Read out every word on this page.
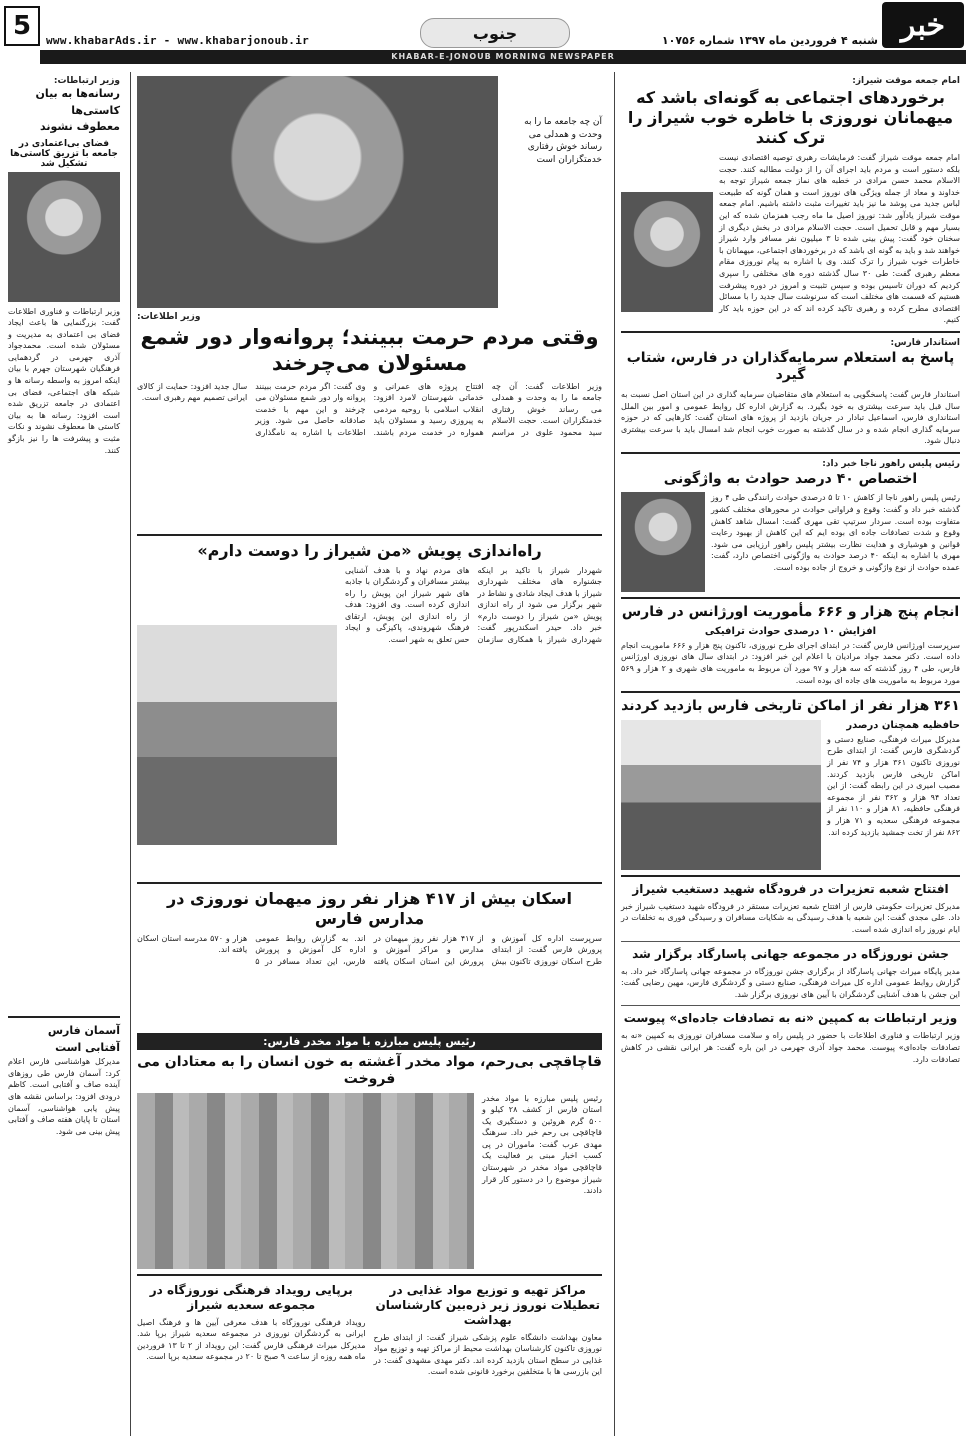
5	www.khabarAds.ir - www.khabarjonoub.ir	جنوب	شنبه ۴ فروردین ماه ۱۳۹۷ شماره ۱۰۷۵۶ خبر
KHABAR-E-JONOUB MORNING NEWSPAPER
امام جمعه موقت شیراز:
برخوردهای اجتماعی به گونه‌ای باشد که میهمانان نوروزی با خاطره خوب شیراز را ترک کنند
امام جمعه موقت شیراز گفت: فرمایشات رهبری توصیه اقتصادی نیست بلکه دستور است و مردم باید اجرای آن را از دولت مطالبه کنند. حجت الاسلام محمد حسن مرادی در خطبه های نماز جمعه شیراز توجه به خداوند و معاد از جمله ویژگی های نوروز است و همان گونه که طبیعت لباس جدید می پوشد ما نیز باید تغییرات مثبت داشته باشیم. امام جمعه موقت شیراز یادآور شد: نوروز اصیل ما ماه رجب همزمان شده که این بسیار مهم و قابل تحمیل است. حجت الاسلام مرادی در بخش دیگری از سخنان خود گفت: پیش بینی شده تا ۳ میلیون نفر مسافر وارد شیراز خواهند شد و باید به گونه ای باشد که در برخوردهای اجتماعی، میهمانان با خاطرات خوب شیراز را ترک کنند. وی با اشاره به پیام نوروزی مقام معظم رهبری گفت: طی ۳۰ سال گذشته دوره های مختلفی را سپری کردیم که دوران تاسیس بوده و سپس تثبیت و امروز در دوره پیشرفت هستیم که قسمت های مختلف است که سرنوشت سال جدید را با مسائل اقتصادی مطرح کرده و رهبری تاکید کرده اند که در این حوزه باید کار کنیم.
استاندار فارس:
پاسخ به استعلام سرمایه‌گذاران در فارس، شتاب گیرد
استاندار فارس گفت: پاسخگویی به استعلام های متقاضیان سرمایه گذاری در این استان اصل نسبت به سال قبل باید سرعت بیشتری به خود بگیرد. به گزارش اداره کل روابط عمومی و امور بین الملل استانداری فارس، اسماعیل تبادار در جریان بازدید از پروژه های استان گفت: کارهایی که در حوزه سرمایه گذاری انجام شده و در سال گذشته به صورت خوب انجام شد امسال باید با سرعت بیشتری دنبال شود.
رئیس پلیس راهور ناجا خبر داد:
اختصاص ۴۰ درصد حوادث به واژگونی
رئیس پلیس راهور ناجا از کاهش ۱۰ تا ۵ درصدی حوادث رانندگی طی ۴ روز گذشته خبر داد و گفت: وقوع و فراوانی حوادث در محورهای مختلف کشور متفاوت بوده است. سردار سرتیپ تقی مهری گفت: امسال شاهد کاهش وقوع و شدت تصادفات جاده ای بوده ایم که این کاهش از بهبود رعایت قوانین و هوشیاری و هدایت نظارت بیشتر پلیس راهور ارزیابی می شود. مهری با اشاره به اینکه ۴۰ درصد حوادث به واژگونی اختصاص دارد، گفت: عمده حوادث از نوع واژگونی و خروج از جاده بوده است.
انجام پنج هزار و ۶۶۶ مأموریت اورژانس در فارس
افزایش ۱۰ درصدی حوادث ترافیکی
سرپرست اورژانس فارس گفت: در ابتدای اجرای طرح نوروزی، تاکنون پنج هزار و ۶۶۶ ماموریت انجام داده است. دکتر محمد جواد مرادیان با اعلام این خبر افزود: در ابتدای سال های نوروزی اورژانس فارس، طی ۴ روز گذشته که سه هزار و ۹۷ مورد آن مربوط به ماموریت های شهری و ۲ هزار و ۵۶۹ مورد مربوط به ماموریت های جاده ای بوده است.
۳۶۱ هزار نفر از اماکن تاریخی فارس بازدید کردند
حافظیه همچنان درصدر
مدیرکل میراث فرهنگی، صنایع دستی و گردشگری فارس گفت: از ابتدای طرح نوروزی تاکنون ۳۶۱ هزار و ۷۴ نفر از اماکن تاریخی فارس بازدید کردند. مصیب امیری در این رابطه گفت: از این تعداد ۹۴ هزار و ۳۶۲ نفر از مجموعه فرهنگی حافظیه، ۸۱ هزار و ۱۱۰ نفر از مجموعه فرهنگی سعدیه و ۷۱ هزار و ۸۶۲ نفر از تخت جمشید بازدید کرده اند.
افتتاح شعبه تعزیرات در فرودگاه شهید دستغیب شیراز
مدیرکل تعزیرات حکومتی فارس از افتتاح شعبه تعزیرات مستقر در فرودگاه شهید دستغیب شیراز خبر داد. علی مجدی گفت: این شعبه با هدف رسیدگی به شکایات مسافران و رسیدگی فوری به تخلفات در ایام نوروز راه اندازی شده است.
جشن نوروزگاه در مجموعه جهانی پاسارگاد برگزار شد
مدیر پایگاه میراث جهانی پاسارگاد از برگزاری جشن نوروزگاه در مجموعه جهانی پاسارگاد خبر داد. به گزارش روابط عمومی اداره کل میراث فرهنگی، صنایع دستی و گردشگری فارس، مهین رضایی گفت: این جشن با هدف آشنایی گردشگران با آیین های نوروزی برگزار شد.
وزیر ارتباطات به کمپین «نه به تصادفات جاده‌ای» پیوست
وزیر ارتباطات و فناوری اطلاعات با حضور در پلیس راه و سلامت مسافران نوروزی به کمپین «نه به تصادفات جاده‌ای» پیوست. محمد جواد آذری جهرمی در این باره گفت: هر ایرانی نقشی در کاهش تصادفات دارد.
آن چه جامعه ما را به وحدت و همدلی می رساند خوش رفتاری خدمتگزاران است
وزیر اطلاعات:
وقتی مردم حرمت ببینند؛ پروانه‌وار دور شمع مسئولان می‌چرخند
وزیر اطلاعات گفت: آن چه جامعه ما را به وحدت و همدلی می رساند خوش رفتاری خدمتگزاران است. حجت الاسلام سید محمود علوی در مراسم افتتاح پروژه های عمرانی و خدماتی شهرستان لامرد افزود: انقلاب اسلامی با روحیه مردمی به پیروزی رسید و مسئولان باید همواره در خدمت مردم باشند. وی گفت: اگر مردم حرمت ببینند پروانه وار دور شمع مسئولان می چرخند و این مهم با خدمت صادقانه حاصل می شود. وزیر اطلاعات با اشاره به نامگذاری سال جدید افزود: حمایت از کالای ایرانی تصمیم مهم رهبری است.
راه‌اندازی پویش «من شیراز را دوست دارم»
شهردار شیراز با تاکید بر اینکه جشنواره های مختلف شهرداری شیراز با هدف ایجاد شادی و نشاط در شهر برگزار می شود از راه اندازی پویش «من شیراز را دوست دارم» خبر داد. حیدر اسکندرپور گفت: شهرداری شیراز با همکاری سازمان های مردم نهاد و با هدف آشنایی بیشتر مسافران و گردشگران با جاذبه های شهر شیراز این پویش را راه اندازی کرده است. وی افزود: هدف از راه اندازی این پویش، ارتقای فرهنگ شهروندی، پاکیزگی و ایجاد حس تعلق به شهر است.
اسکان بیش از ۴۱۷ هزار نفر روز میهمان نوروزی در مدارس فارس
سرپرست اداره کل آموزش و پرورش فارس گفت: از ابتدای طرح اسکان نوروزی تاکنون بیش از ۴۱۷ هزار نفر روز میهمان در مدارس و مراکز آموزش و پرورش این استان اسکان یافته اند. به گزارش روابط عمومی اداره کل آموزش و پرورش فارس، این تعداد مسافر در ۵ هزار و ۵۷۰ مدرسه استان اسکان یافته اند.
رئیس پلیس مبارزه با مواد مخدر فارس:
قاچاقچی بی‌رحم، مواد مخدر آغشته به خون انسان را به معتادان می فروخت
رئیس پلیس مبارزه با مواد مخدر استان فارس از کشف ۲۸ کیلو و ۵۰۰ گرم هروئین و دستگیری یک قاچاقچی بی رحم خبر داد. سرهنگ مهدی عرب گفت: ماموران در پی کسب اخبار مبنی بر فعالیت یک قاچاقچی مواد مخدر در شهرستان شیراز موضوع را در دستور کار قرار دادند.
مراکز تهیه و توزیع مواد غذایی در تعطیلات نوروز زیر ذره‌بین کارشناسان بهداشت
معاون بهداشت دانشگاه علوم پزشکی شیراز گفت: از ابتدای طرح نوروزی تاکنون کارشناسان بهداشت محیط از مراکز تهیه و توزیع مواد غذایی در سطح استان بازدید کرده اند. دکتر مهدی مشهدی گفت: در این بازرسی ها با متخلفین برخورد قانونی شده است.
برپایی رویداد فرهنگی نوروزگاه در مجموعه سعدیه شیراز
رویداد فرهنگی نوروزگاه با هدف معرفی آیین ها و فرهنگ اصیل ایرانی به گردشگران نوروزی در مجموعه سعدیه شیراز برپا شد. مدیرکل میراث فرهنگی فارس گفت: این رویداد از ۲ تا ۱۳ فروردین ماه همه روزه از ساعت ۹ صبح تا ۲۰ در مجموعه سعدیه برپا است.
وزیر ارتباطات:
رسانه‌ها به بیان
کاستی‌ها
معطوف نشوند
فضای بی‌اعتمادی در جامعه با تزریق کاستی‌ها تشکیل شد
وزیر ارتباطات و فناوری اطلاعات گفت: بزرگنمایی ها باعث ایجاد فضای بی اعتمادی به مدیریت و مسئولان شده است. محمدجواد آذری جهرمی در گردهمایی فرهنگیان شهرستان جهرم با بیان اینکه امروز به واسطه رسانه ها و شبکه های اجتماعی، فضای بی اعتمادی در جامعه تزریق شده است افزود: رسانه ها به بیان کاستی ها معطوف نشوند و نکات مثبت و پیشرفت ها را نیز بازگو کنند.
آسمان فارس
آفتابی است
مدیرکل هواشناسی فارس اعلام کرد: آسمان فارس طی روزهای آینده صاف و آفتابی است. کاظم درودی افزود: براساس نقشه های پیش یابی هواشناسی، آسمان استان تا پایان هفته صاف و آفتابی پیش بینی می شود.
